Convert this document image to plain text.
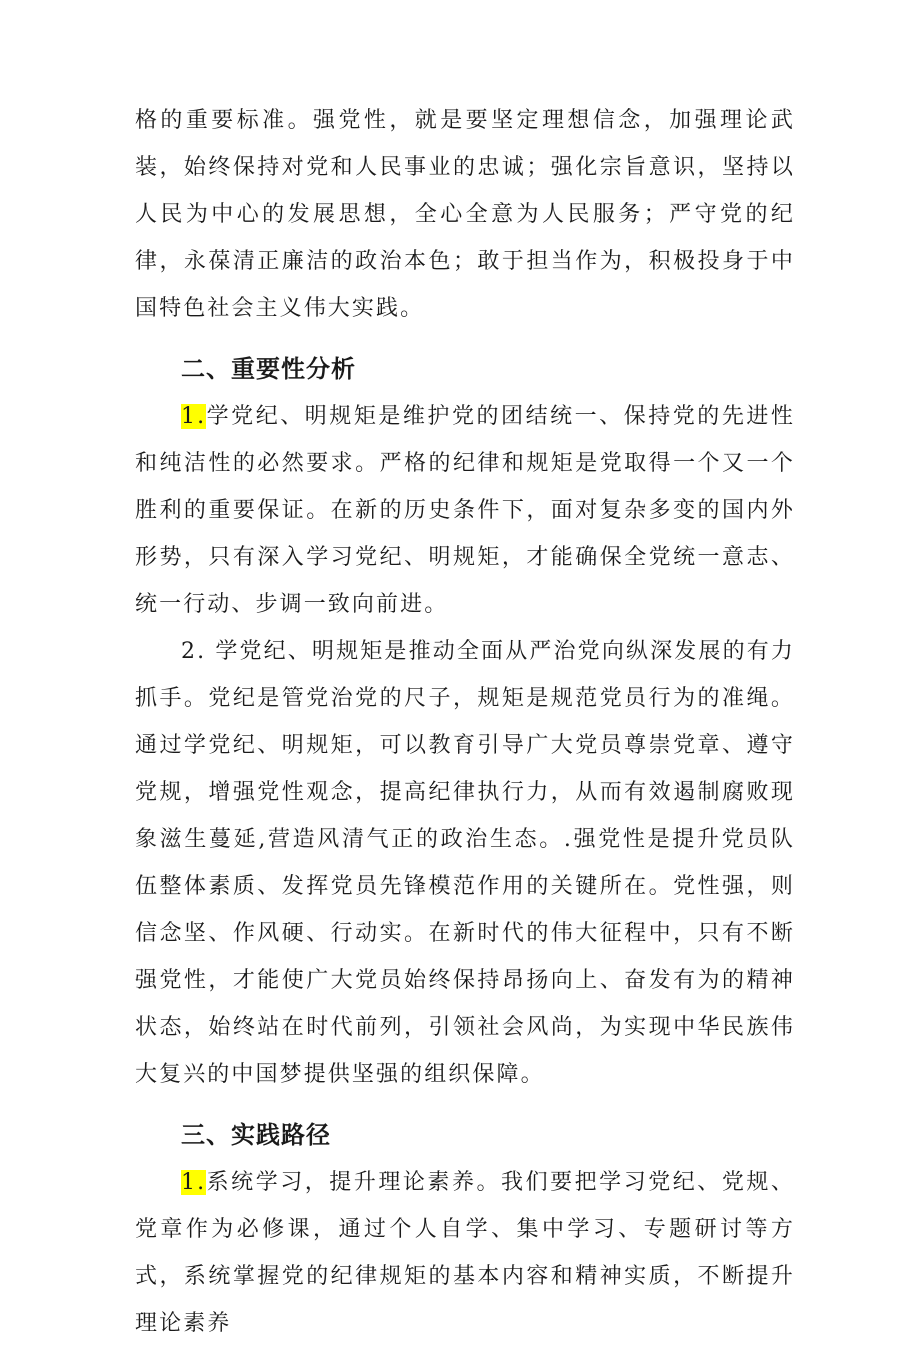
格的重要标准。强党性，就是要坚定理想信念，加强理论武装，始终保持对党和人民事业的忠诚；强化宗旨意识，坚持以人民为中心的发展思想，全心全意为人民服务；严守党的纪律，永葆清正廉洁的政治本色；敢于担当作为，积极投身于中国特色社会主义伟大实践。

二、重要性分析

1.学党纪、明规矩是维护党的团结统一、保持党的先进性和纯洁性的必然要求。严格的纪律和规矩是党取得一个又一个胜利的重要保证。在新的历史条件下，面对复杂多变的国内外形势，只有深入学习党纪、明规矩，才能确保全党统一意志、统一行动、步调一致向前进。

2. 学党纪、明规矩是推动全面从严治党向纵深发展的有力抓手。党纪是管党治党的尺子，规矩是规范党员行为的准绳。通过学党纪、明规矩，可以教育引导广大党员尊崇党章、遵守党规，增强党性观念，提高纪律执行力，从而有效遏制腐败现象滋生蔓延,营造风清气正的政治生态。.强党性是提升党员队伍整体素质、发挥党员先锋模范作用的关键所在。党性强，则信念坚、作风硬、行动实。在新时代的伟大征程中，只有不断强党性，才能使广大党员始终保持昂扬向上、奋发有为的精神状态，始终站在时代前列，引领社会风尚，为实现中华民族伟大复兴的中国梦提供坚强的组织保障。

三、实践路径

1.系统学习，提升理论素养。我们要把学习党纪、党规、党章作为必修课，通过个人自学、集中学习、专题研讨等方式，系统掌握党的纪律规矩的基本内容和精神实质，不断提升理论素养
